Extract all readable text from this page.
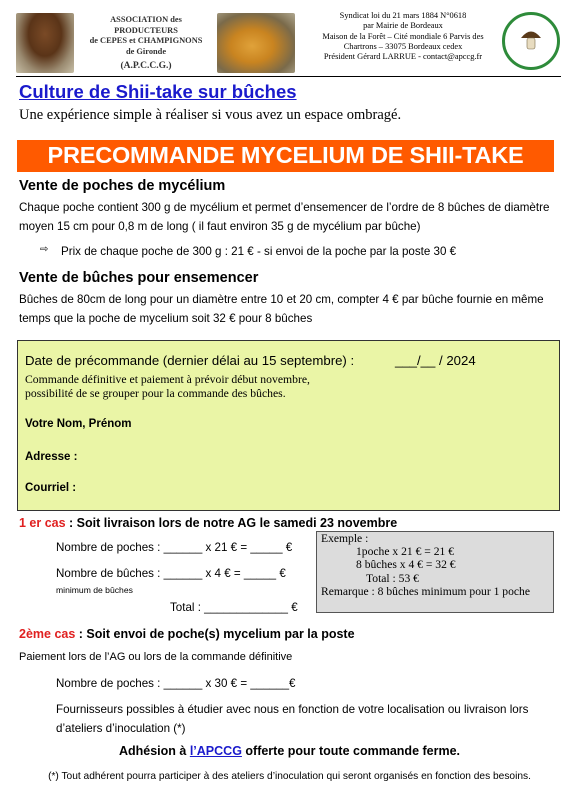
ASSOCIATION des PRODUCTEURS
de CEPES et CHAMPIGNONS
de Gironde
(A.P.C.C.G.)
Syndicat loi du 21 mars 1884 N°0618
par Mairie de Bordeaux
Maison de la Forêt – Cité mondiale 6 Parvis des
Chartrons – 33075 Bordeaux cedex
Président Gérard LARRUE - contact@apccg.fr
Culture de Shii-take sur bûches
Une expérience simple à réaliser si vous avez un espace ombragé.
PRECOMMANDE MYCELIUM DE SHII-TAKE
Vente de poches de mycélium
Chaque poche contient 300 g de mycélium et permet d’ensemencer de l’ordre de 8 bûches de diamètre
moyen 15 cm pour 0,8 m de long ( il faut environ 35 g de mycélium par bûche)
⇨ Prix de chaque poche de 300 g : 21 € - si envoi de la poche par la poste 30 €
Vente de bûches pour ensemencer
Bûches de 80cm de long pour un diamètre entre 10 et 20 cm, compter 4 € par bûche fournie en même
temps que la poche de mycelium soit 32 € pour 8 bûches
Date de précommande (dernier délai au 15 septembre) :	___/__ / 2024
Commande définitive et paiement à prévoir début novembre,
possibilité de se grouper pour la commande des bûches.
Votre Nom, Prénom
Adresse :
Courriel :
1 er cas : Soit livraison lors de notre AG le samedi 23 novembre
Nombre de poches : ______ x 21 € = _____ €
Nombre de bûches : ______ x 4 € = _____ €
minimum de bûches
Total : _____________ €
Exemple :
1poche x 21 € = 21 €
8 bûches x 4 € = 32 €
Total : 53 €
Remarque : 8 bûches minimum pour 1 poche
2ème cas : Soit envoi de poche(s) mycelium par la poste
Paiement lors de l’AG ou lors de la commande définitive
Nombre de poches : ______ x 30 € = ______€
Fournisseurs possibles à étudier avec nous en fonction de votre localisation ou livraison lors
d’ateliers d’inoculation (*)
Adhésion à l’APCCG offerte pour toute commande ferme.
(*) Tout adhérent pourra participer à des ateliers d’inoculation qui seront organisés en fonction des besoins.
